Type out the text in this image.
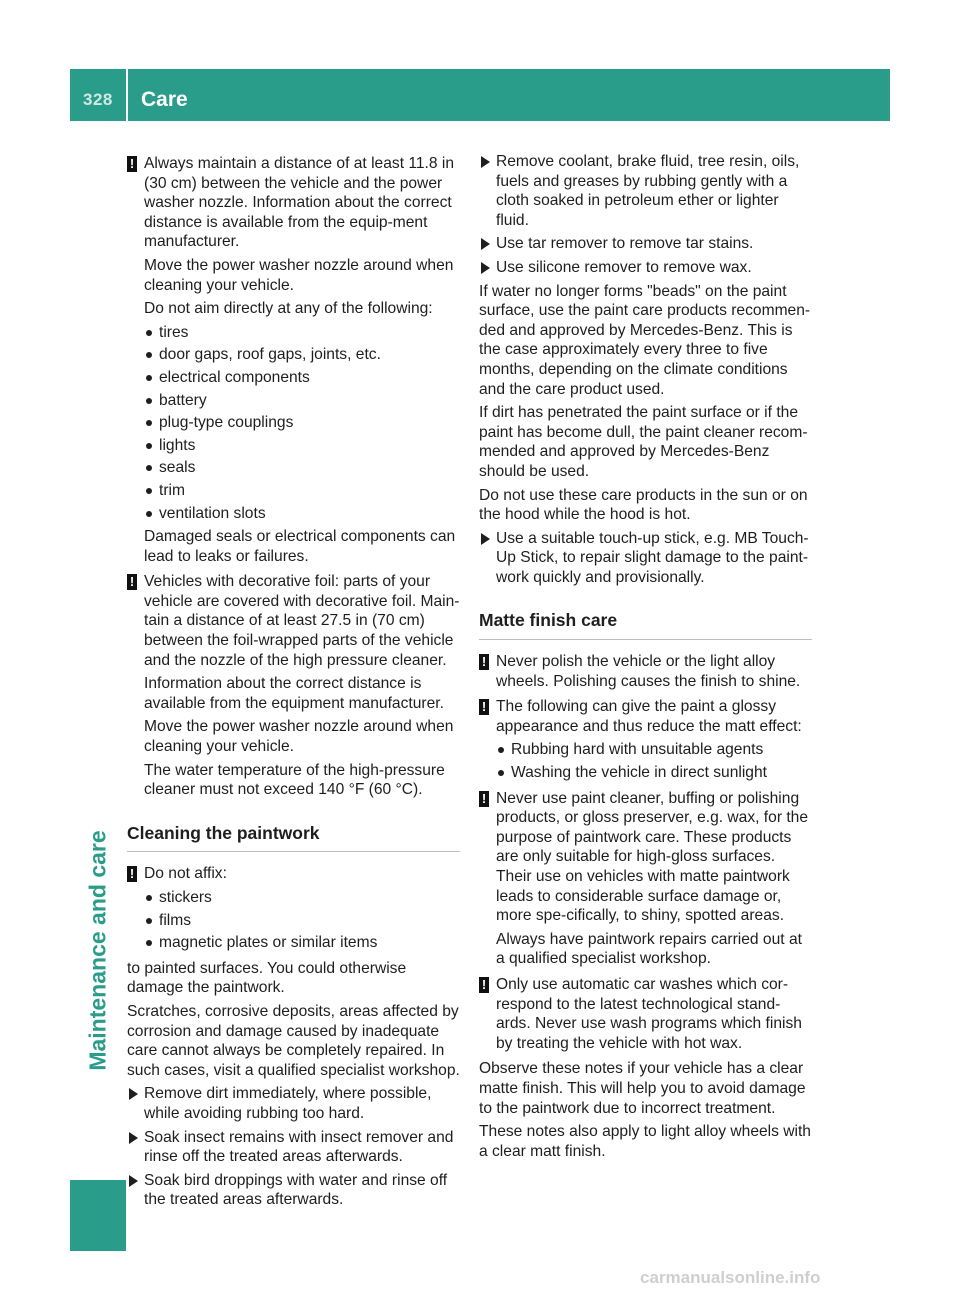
328 Care
Maintenance and care
! Always maintain a distance of at least 11.8 in (30 cm) between the vehicle and the power washer nozzle. Information about the correct distance is available from the equip-ment manufacturer.
Move the power washer nozzle around when cleaning your vehicle.
Do not aim directly at any of the following:
tires
door gaps, roof gaps, joints, etc.
electrical components
battery
plug-type couplings
lights
seals
trim
ventilation slots
Damaged seals or electrical components can lead to leaks or failures.
! Vehicles with decorative foil: parts of your vehicle are covered with decorative foil. Main-tain a distance of at least 27.5 in (70 cm) between the foil-wrapped parts of the vehicle and the nozzle of the high pressure cleaner.
Information about the correct distance is available from the equipment manufacturer.
Move the power washer nozzle around when cleaning your vehicle.
The water temperature of the high-pressure cleaner must not exceed 140 °F (60 °C).
Cleaning the paintwork
! Do not affix:
stickers
films
magnetic plates or similar items
to painted surfaces. You could otherwise damage the paintwork.
Scratches, corrosive deposits, areas affected by corrosion and damage caused by inadequate care cannot always be completely repaired. In such cases, visit a qualified specialist workshop.
Remove dirt immediately, where possible, while avoiding rubbing too hard.
Soak insect remains with insect remover and rinse off the treated areas afterwards.
Soak bird droppings with water and rinse off the treated areas afterwards.
Remove coolant, brake fluid, tree resin, oils, fuels and greases by rubbing gently with a cloth soaked in petroleum ether or lighter fluid.
Use tar remover to remove tar stains.
Use silicone remover to remove wax.
If water no longer forms "beads" on the paint surface, use the paint care products recommen-ded and approved by Mercedes-Benz. This is the case approximately every three to five months, depending on the climate conditions and the care product used.
If dirt has penetrated the paint surface or if the paint has become dull, the paint cleaner recom-mended and approved by Mercedes-Benz should be used.
Do not use these care products in the sun or on the hood while the hood is hot.
Use a suitable touch-up stick, e.g. MB Touch-Up Stick, to repair slight damage to the paint-work quickly and provisionally.
Matte finish care
! Never polish the vehicle or the light alloy wheels. Polishing causes the finish to shine.
! The following can give the paint a glossy appearance and thus reduce the matt effect:
Rubbing hard with unsuitable agents
Washing the vehicle in direct sunlight
! Never use paint cleaner, buffing or polishing products, or gloss preserver, e.g. wax, for the purpose of paintwork care. These products are only suitable for high-gloss surfaces. Their use on vehicles with matte paintwork leads to considerable surface damage or, more spe-cifically, to shiny, spotted areas.
Always have paintwork repairs carried out at a qualified specialist workshop.
! Only use automatic car washes which cor-respond to the latest technological stand-ards. Never use wash programs which finish by treating the vehicle with hot wax.
Observe these notes if your vehicle has a clear matte finish. This will help you to avoid damage to the paintwork due to incorrect treatment.
These notes also apply to light alloy wheels with a clear matt finish.
carmanualsonline.info
